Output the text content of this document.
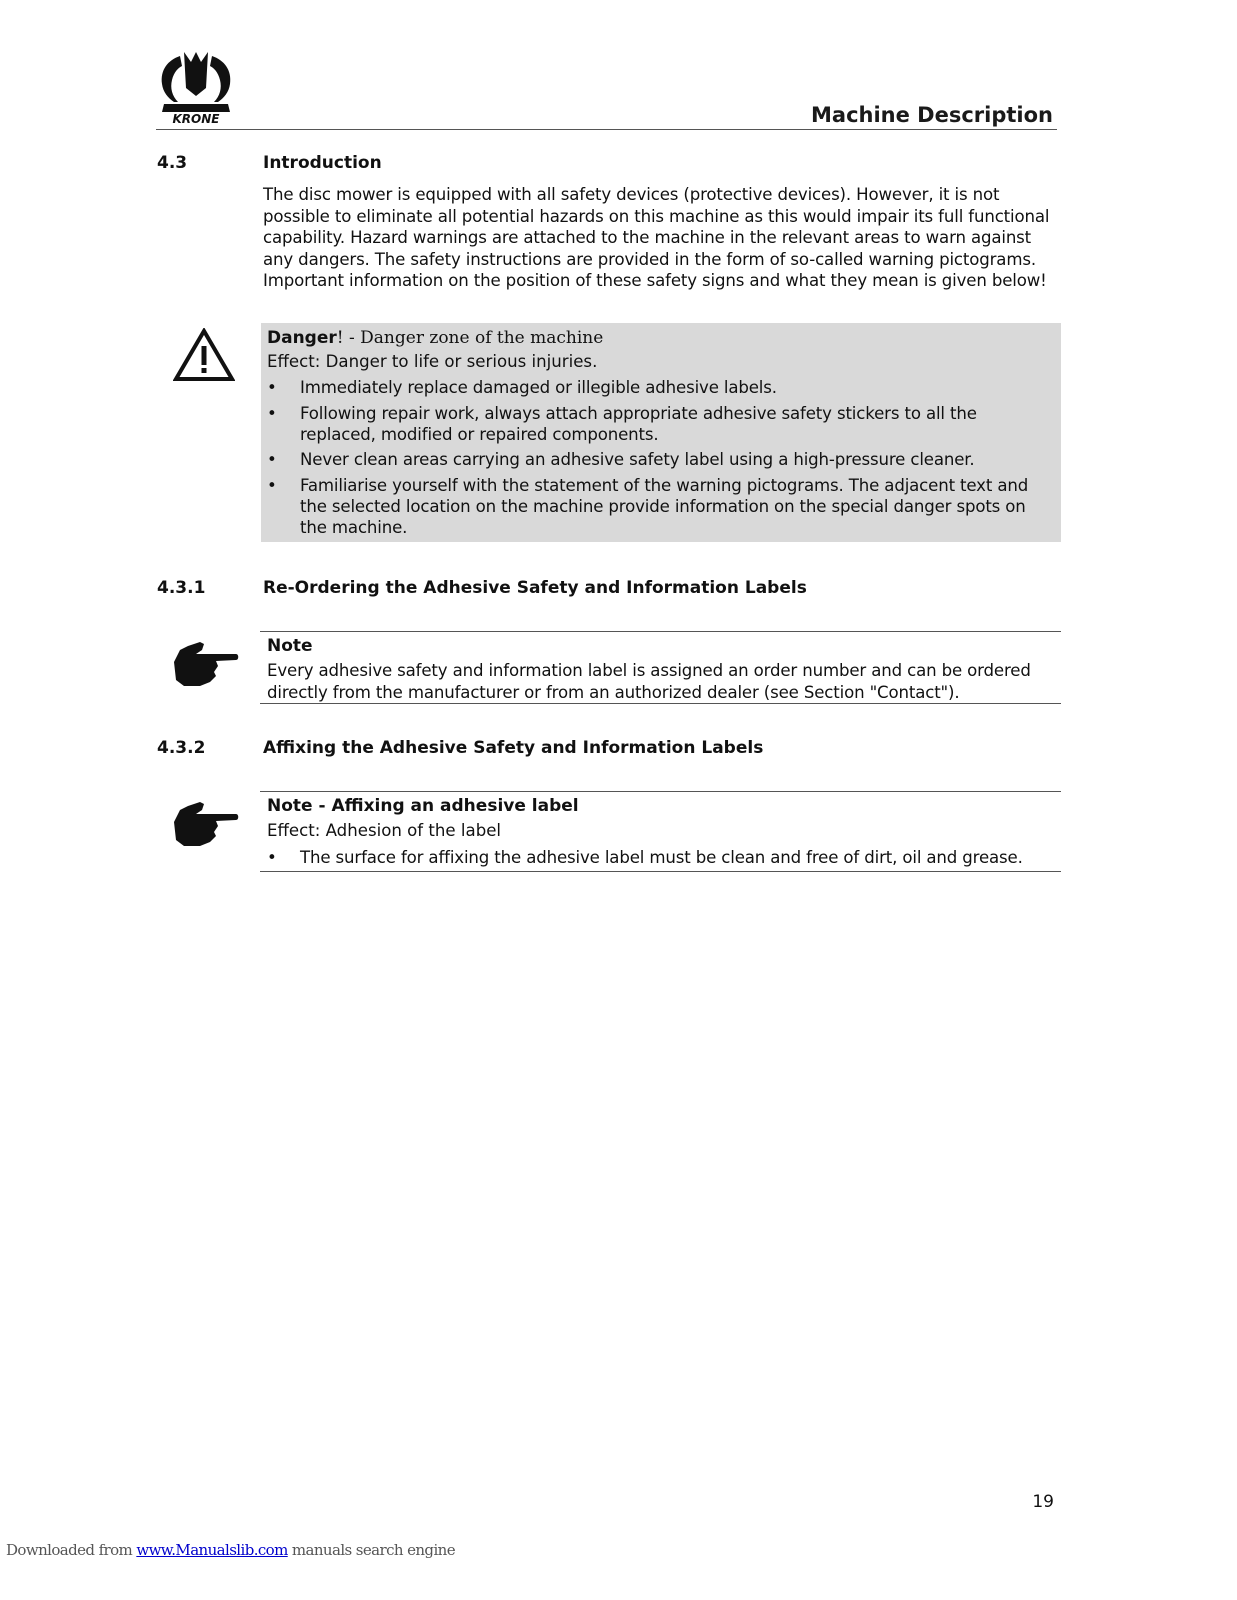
KRONE	Machine Description
4.3	Introduction
The disc mower is equipped with all safety devices (protective devices). However, it is not possible to eliminate all potential hazards on this machine as this would impair its full functional capability. Hazard warnings are attached to the machine in the relevant areas to warn against any dangers. The safety instructions are provided in the form of so-called warning pictograms. Important information on the position of these safety signs and what they mean is given below!
Danger! - Danger zone of the machine
Effect: Danger to life or serious injuries.
• Immediately replace damaged or illegible adhesive labels.
• Following repair work, always attach appropriate adhesive safety stickers to all the replaced, modified or repaired components.
• Never clean areas carrying an adhesive safety label using a high-pressure cleaner.
• Familiarise yourself with the statement of the warning pictograms. The adjacent text and the selected location on the machine provide information on the special danger spots on the machine.
4.3.1	Re-Ordering the Adhesive Safety and Information Labels
Note
Every adhesive safety and information label is assigned an order number and can be ordered directly from the manufacturer or from an authorized dealer (see Section "Contact").
4.3.2	Affixing the Adhesive Safety and Information Labels
Note - Affixing an adhesive label
Effect: Adhesion of the label
• The surface for affixing the adhesive label must be clean and free of dirt, oil and grease.
19
Downloaded from www.Manualslib.com manuals search engine
